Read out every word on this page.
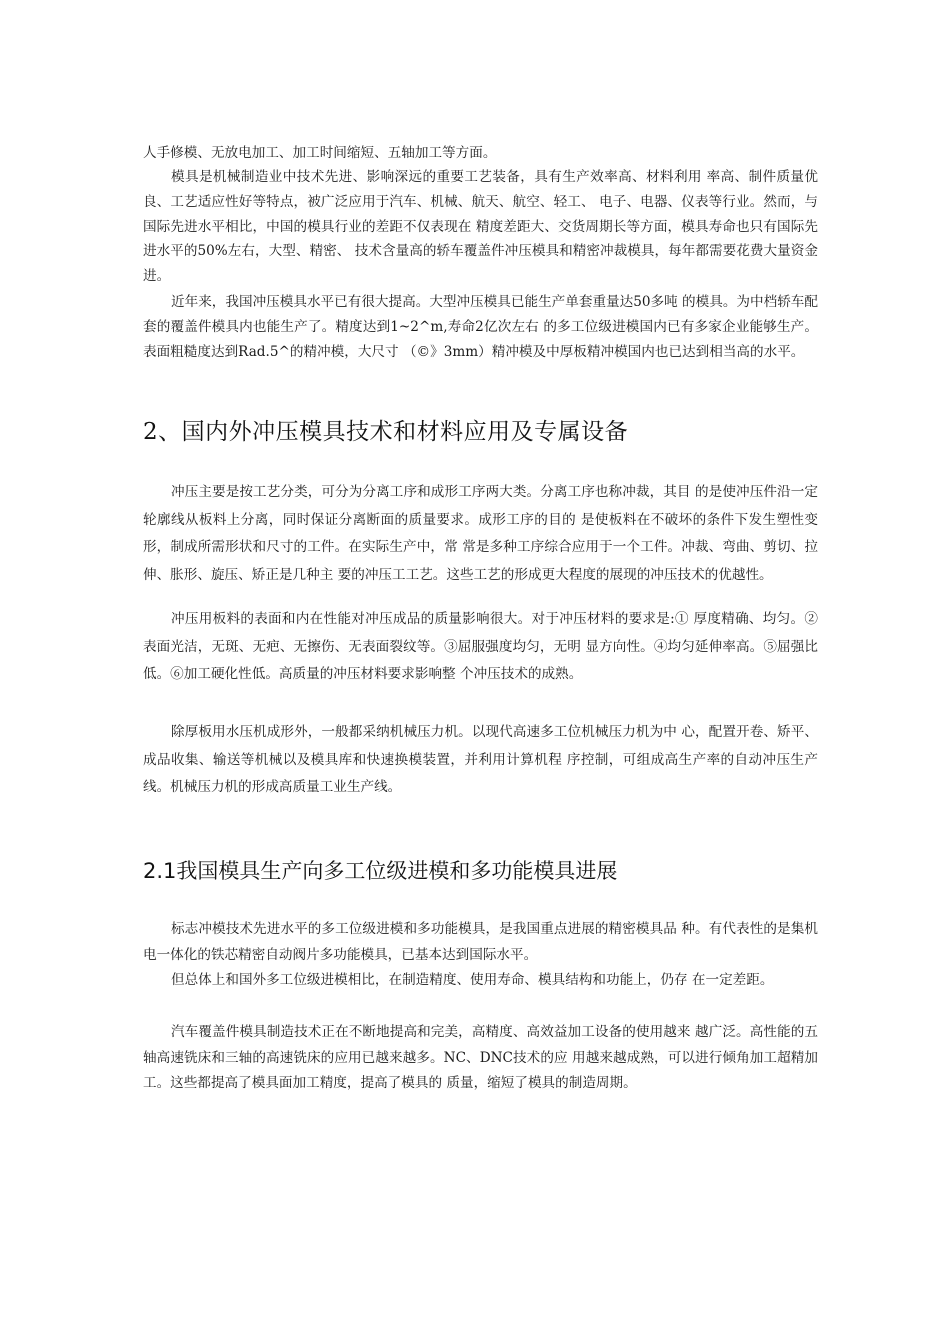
人手修模、无放电加工、加工时间缩短、五轴加工等方面。

模具是机械制造业中技术先进、影响深远的重要工艺装备，具有生产效率高、材料利用 率高、制件质量优良、工艺适应性好等特点，被广泛应用于汽车、机械、航天、航空、轻工、 电子、电器、仪表等行业。然而，与国际先进水平相比，中国的模具行业的差距不仅表现在 精度差距大、交货周期长等方面，模具寿命也只有国际先进水平的50%左右，大型、精密、 技术含量高的轿车覆盖件冲压模具和精密冲裁模具，每年都需要花费大量资金进。

近年来，我国冲压模具水平已有很大提高。大型冲压模具已能生产单套重量达50多吨 的模具。为中档轿车配套的覆盖件模具内也能生产了。精度达到1~2^m,寿命2亿次左右 的多工位级进模国内已有多家企业能够生产。表面粗糙度达到Rad.5^的精冲模，大尺寸 （©》3mm）精冲模及中厚板精冲模国内也已达到相当高的水平。

2、国内外冲压模具技术和材料应用及专属设备

冲压主要是按工艺分类，可分为分离工序和成形工序两大类。分离工序也称冲裁，其目 的是使冲压件沿一定轮廓线从板料上分离，同时保证分离断面的质量要求。成形工序的目的 是使板料在不破坏的条件下发生塑性变形，制成所需形状和尺寸的工件。在实际生产中，常 常是多种工序综合应用于一个工件。冲裁、弯曲、剪切、拉伸、胀形、旋压、矫正是几种主 要的冲压工工艺。这些工艺的形成更大程度的展现的冲压技术的优越性。

冲压用板料的表面和内在性能对冲压成品的质量影响很大。对于冲压材料的要求是:① 厚度精确、均匀。②表面光洁，无斑、无疤、无擦伤、无表面裂纹等。③屈服强度均匀，无明 显方向性。④均匀延伸率高。⑤屈强比低。⑥加工硬化性低。高质量的冲压材料要求影响整 个冲压技术的成熟。

除厚板用水压机成形外，一般都采纳机械压力机。以现代高速多工位机械压力机为中 心，配置开卷、矫平、成品收集、输送等机械以及模具库和快速换模装置，并利用计算机程 序控制，可组成高生产率的自动冲压生产线。机械压力机的形成高质量工业生产线。

2.1我国模具生产向多工位级进模和多功能模具进展

标志冲模技术先进水平的多工位级进模和多功能模具，是我国重点进展的精密模具品 种。有代表性的是集机电一体化的铁芯精密自动阀片多功能模具，已基本达到国际水平。

但总体上和国外多工位级进模相比，在制造精度、使用寿命、模具结构和功能上，仍存 在一定差距。

汽车覆盖件模具制造技术正在不断地提高和完美，高精度、高效益加工设备的使用越来 越广泛。高性能的五轴高速铣床和三轴的高速铣床的应用已越来越多。NC、DNC技术的应 用越来越成熟，可以进行倾角加工超精加工。这些都提高了模具面加工精度，提高了模具的 质量，缩短了模具的制造周期。
